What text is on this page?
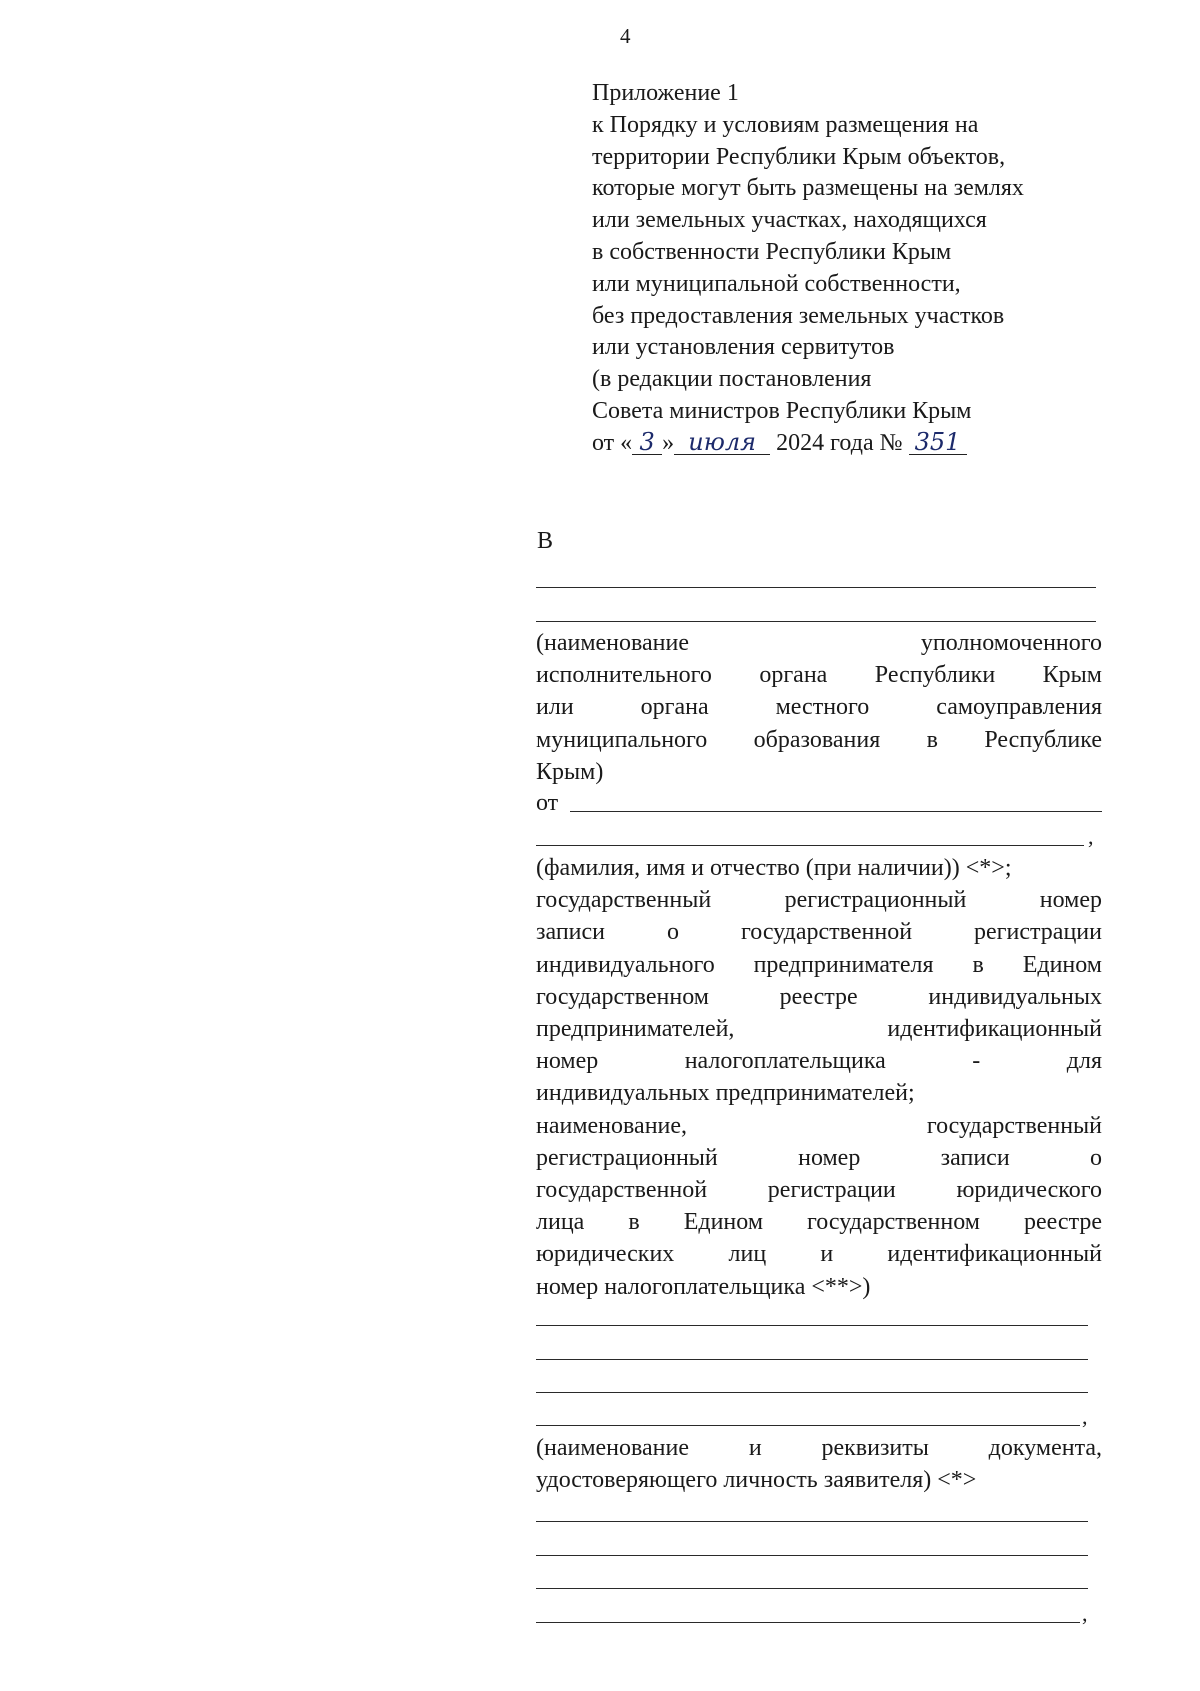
4
Приложение 1
к Порядку и условиям размещения на
территории Республики Крым объектов,
которые могут быть размещены на землях
или земельных участках, находящихся
в собственности Республики Крым
или муниципальной собственности,
без предоставления земельных участков
или установления сервитутов
(в редакции постановления
Совета министров Республики Крым
от « 3 » июля 2024 года № 351
В
(наименование уполномоченного
исполнительного органа Республики Крым
или органа местного самоуправления
муниципального образования в Республике
Крым)
от
,
(фамилия, имя и отчество (при наличии)) <*>;
государственный регистрационный номер
записи о государственной регистрации
индивидуального предпринимателя в Едином
государственном реестре индивидуальных
предпринимателей, идентификационный
номер налогоплательщика - для
индивидуальных предпринимателей;
наименование, государственный
регистрационный номер записи о
государственной регистрации юридического
лица в Едином государственном реестре
юридических лиц и идентификационный
номер налогоплательщика <**>)
,
(наименование и реквизиты документа,
удостоверяющего личность заявителя) <*>
,
